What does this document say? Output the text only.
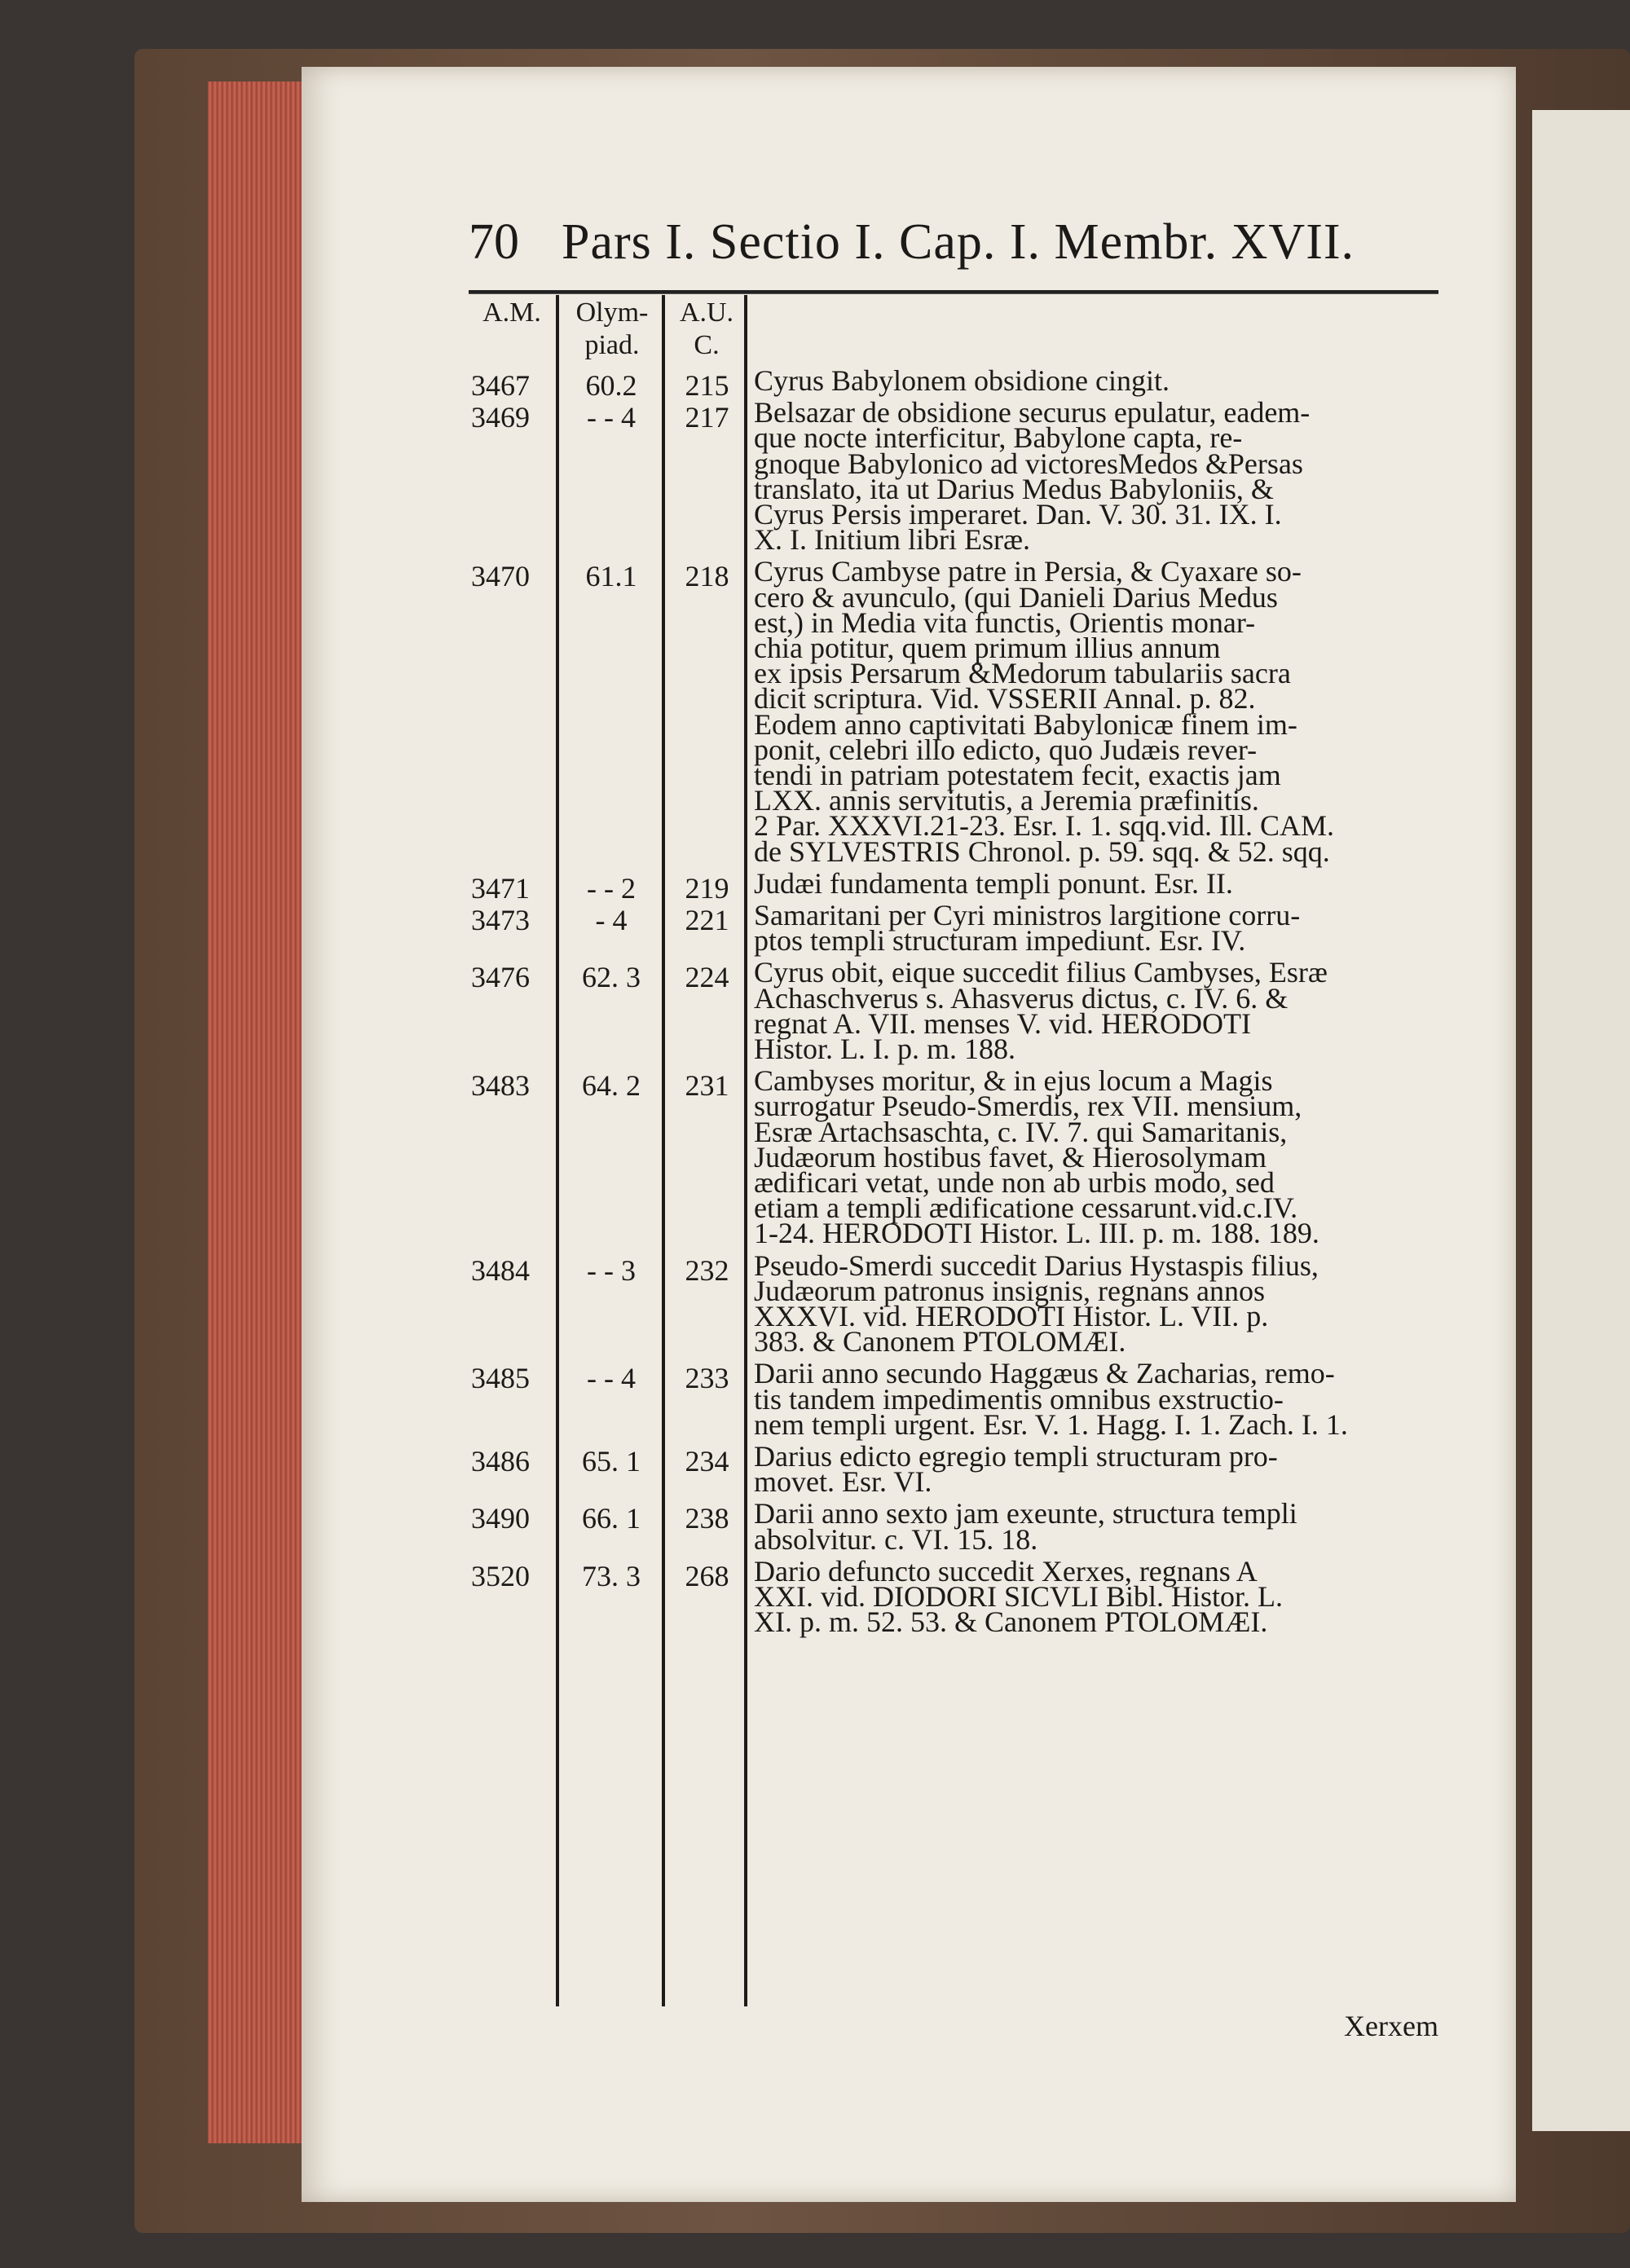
70 Pars I. Sectio I. Cap. I. Membr. XVII.
A.M.	Olym-piad.
A.U. C.
3467	60.2	215 Cyrus Babylonem obsidione cingit.
3469	- - 4	217 Belsazar de obsidione securus epulatur, eadem-
que nocte interficitur, Babylone capta, re-
gnoque Babylonico ad victoresMedos &Persas
translato, ita ut Darius Medus Babyloniis, &
Cyrus Persis imperaret. Dan. V. 30. 31. IX. I.
X. I. Initium libri Esræ.
3470	61.1	218 Cyrus Cambyse patre in Persia, & Cyaxare so-
cero & avunculo, (qui Danieli Darius Medus
est,) in Media vita functis, Orientis monar-
chia potitur, quem primum illius annum
ex ipsis Persarum &Medorum tabulariis sacra
dicit scriptura. Vid. VSSERII Annal. p. 82.
Eodem anno captivitati Babylonicæ finem im-
ponit, celebri illo edicto, quo Judæis rever-
tendi in patriam potestatem fecit, exactis jam
LXX. annis servitutis, a Jeremia præfinitis.
2 Par. XXXVI.21-23. Esr. I. 1. sqq.vid. Ill. CAM.
de SYLVESTRIS Chronol. p. 59. sqq. & 52. sqq.
3471	- - 2	219 Judæi fundamenta templi ponunt. Esr. II.
3473	- 4	221 Samaritani per Cyri ministros largitione corru-
ptos templi structuram impediunt. Esr. IV.
3476	62. 3	224 Cyrus obit, eique succedit filius Cambyses, Esræ
Achaschverus s. Ahasverus dictus, c. IV. 6. &
regnat A. VII. menses V. vid. HERODOTI
Histor. L. I. p. m. 188.
3483	64. 2	231 Cambyses moritur, & in ejus locum a Magis
surrogatur Pseudo-Smerdis, rex VII. mensium,
Esræ Artachsaschta, c. IV. 7. qui Samaritanis,
Judæorum hostibus favet, & Hierosolymam
ædificari vetat, unde non ab urbis modo, sed
etiam a templi ædificatione cessarunt.vid.c.IV.
1-24. HERODOTI Histor. L. III. p. m. 188. 189.
3484	- - 3	232 Pseudo-Smerdi succedit Darius Hystaspis filius,
Judæorum patronus insignis, regnans annos
XXXVI. vid. HERODOTI Histor. L. VII. p.
383. & Canonem PTOLOMÆI.
3485	- - 4	233 Darii anno secundo Haggæus & Zacharias, remo-
tis tandem impedimentis omnibus exstructio-
nem templi urgent. Esr. V. 1. Hagg. I. 1. Zach. I. 1.
3486	65. 1	234 Darius edicto egregio templi structuram pro-
movet. Esr. VI.
3490	66. 1	238 Darii anno sexto jam exeunte, structura templi
absolvitur. c. VI. 15. 18.
3520	73. 3	268 Dario defuncto succedit Xerxes, regnans A
XXI. vid. DIODORI SICVLI Bibl. Histor. L.
XI. p. m. 52. 53. & Canonem PTOLOMÆI.
Xerxem
